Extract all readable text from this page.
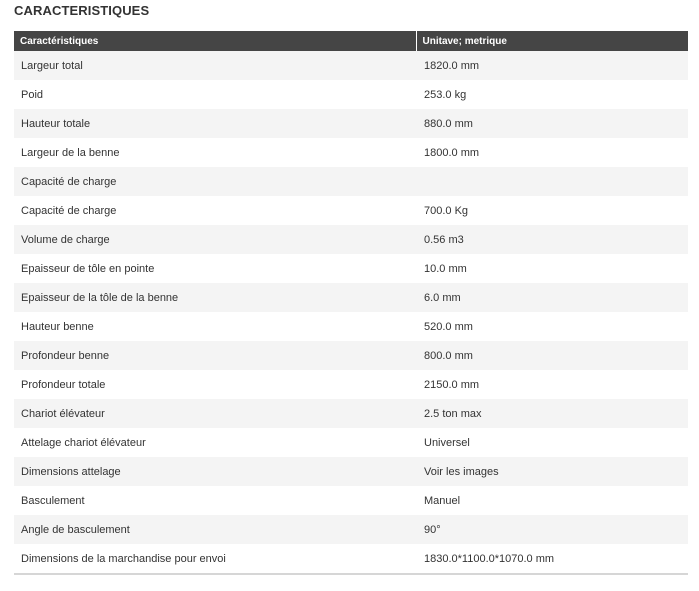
CARACTERISTIQUES
Caractéristiques	Unitave; metrique
Largeur total	1820.0 mm
Poid	253.0 kg
Hauteur totale	880.0 mm
Largeur de la benne	1800.0 mm
Capacité de charge	
Capacité de charge	700.0 Kg
Volume de charge	0.56 m3
Epaisseur de tôle en pointe	10.0 mm
Epaisseur de la tôle de la benne	6.0 mm
Hauteur benne	520.0 mm
Profondeur benne	800.0 mm
Profondeur totale	2150.0 mm
Chariot élévateur	2.5 ton max
Attelage chariot élévateur	Universel
Dimensions attelage	Voir les images
Basculement	Manuel
Angle de basculement	90°
Dimensions de la marchandise pour envoi	1830.0*1100.0*1070.0 mm
